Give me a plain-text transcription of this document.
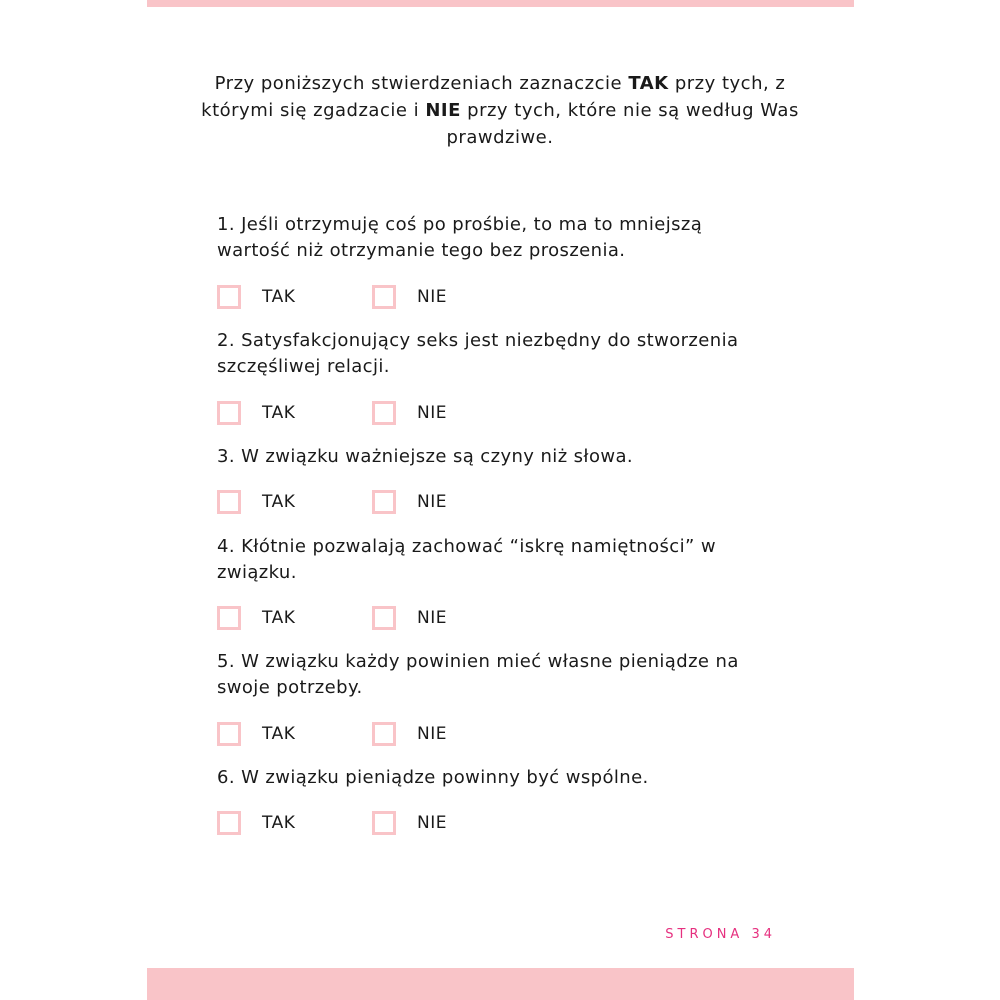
Przy poniższych stwierdzeniach zaznaczcie TAK przy tych, z którymi się zgadzacie i NIE przy tych, które nie są według Was prawdziwe.
1. Jeśli otrzymuję coś po prośbie, to ma to mniejszą wartość niż otrzymanie tego bez proszenia.
TAK	NIE
2. Satysfakcjonujący seks jest niezbędny do stworzenia szczęśliwej relacji.
TAK	NIE
3. W związku ważniejsze są czyny niż słowa.
TAK	NIE
4. Kłótnie pozwalają zachować “iskrę namiętności” w związku.
TAK	NIE
5. W związku każdy powinien mieć własne pieniądze na swoje potrzeby.
TAK	NIE
6. W związku pieniądze powinny być wspólne.
TAK	NIE
STRONA 34
